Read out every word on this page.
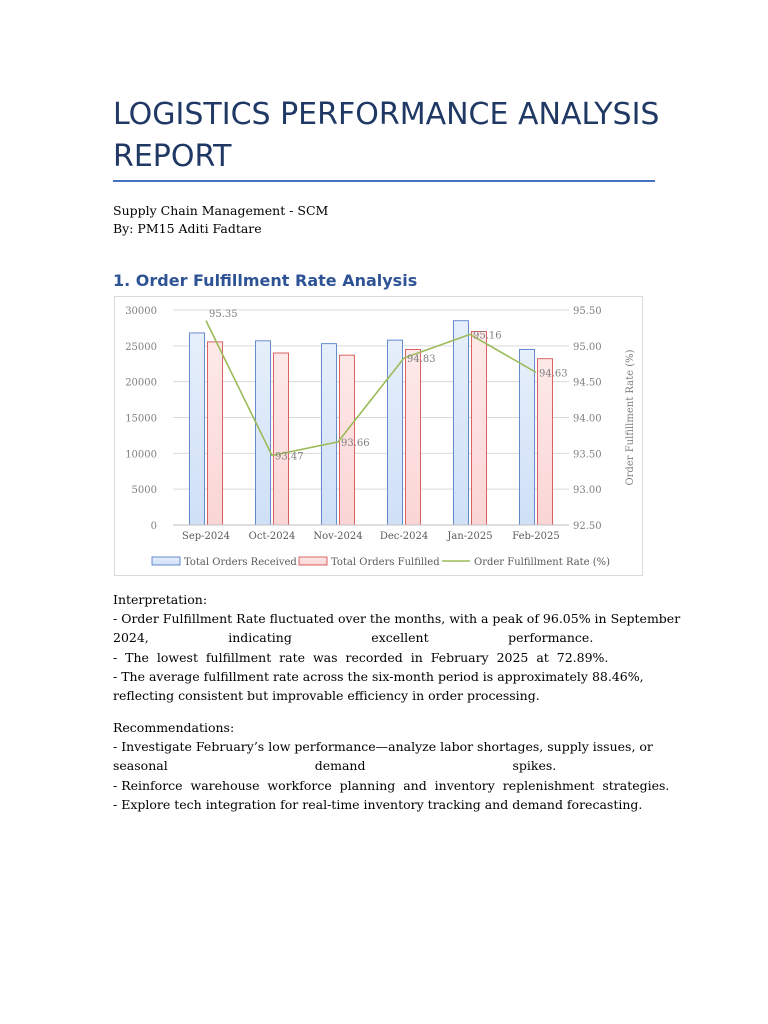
LOGISTICS PERFORMANCE ANALYSIS
REPORT
Supply Chain Management - SCM
By: PM15 Aditi Fadtare
1. Order Fulfillment Rate Analysis
0
5000
10000
15000
20000
25000
30000
92.50
93.00
93.50
94.00
94.50
95.00
95.50
Order Fulfillment Rate (%)
Sep-2024 Oct-2024 Nov-2024 Dec-2024 Jan-2025 Feb-2025
95.35
93.47
93.66
94.83
95.16
94.63
Total Orders Received	Total Orders Fulfilled	Order Fulfillment Rate (%)
Interpretation:
- Order Fulfillment Rate fluctuated over the months, with a peak of 96.05% in September
2024,                    indicating                    excellent                    performance.
-  The  lowest  fulfillment  rate  was  recorded  in  February  2025  at  72.89%.
- The average fulfillment rate across the six-month period is approximately 88.46%,
reflecting consistent but improvable efficiency in order processing.
Recommendations:
- Investigate February’s low performance—analyze labor shortages, supply issues, or
seasonal                                     demand                                     spikes.
- Reinforce  warehouse  workforce  planning  and  inventory  replenishment  strategies.
- Explore tech integration for real-time inventory tracking and demand forecasting.
